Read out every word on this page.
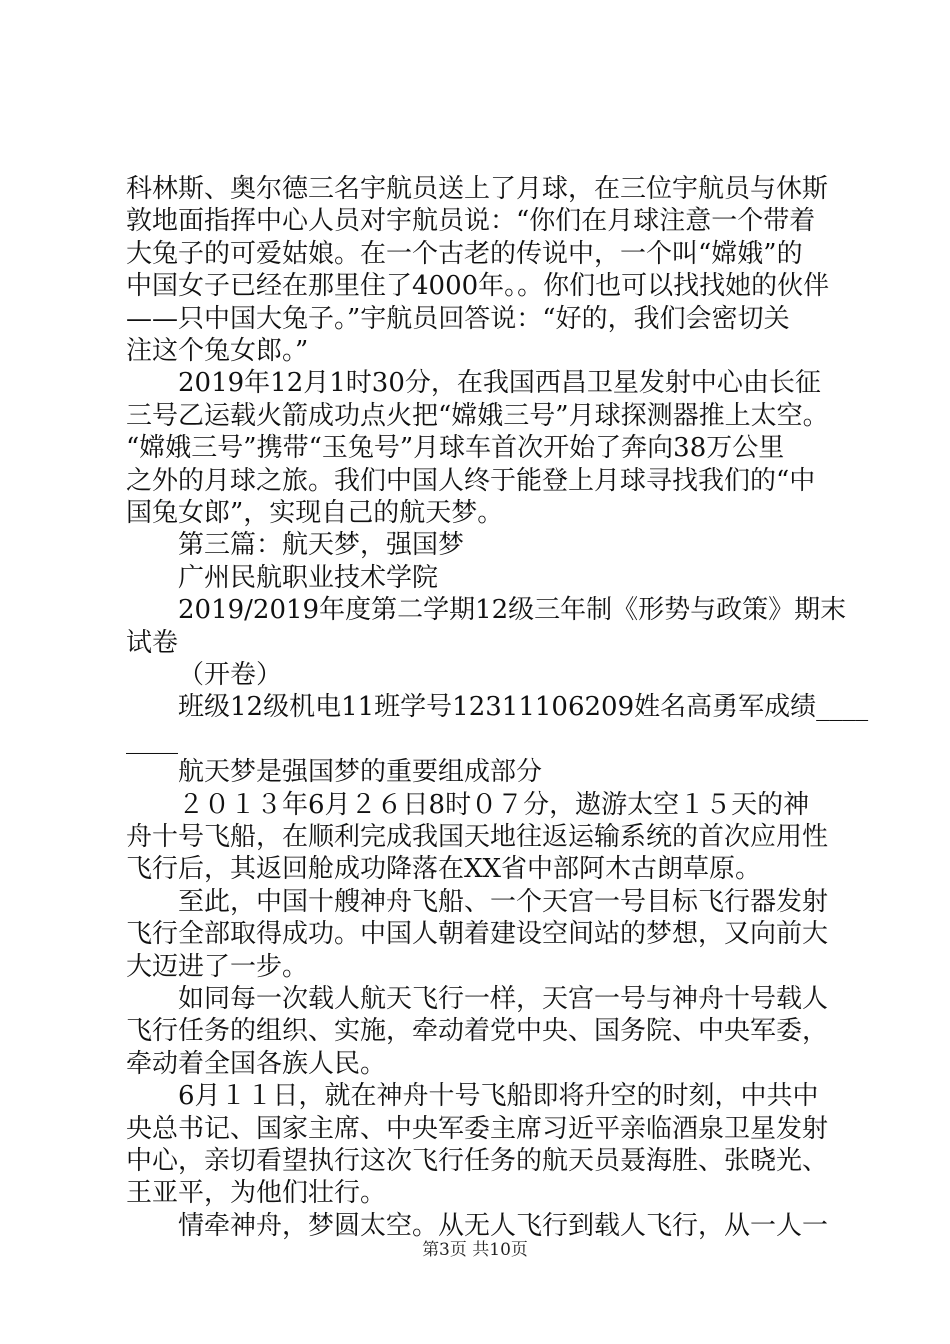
科林斯、奥尔德三名宇航员送上了月球，在三位宇航员与休斯
敦地面指挥中心人员对宇航员说：“你们在月球注意一个带着
大兔子的可爱姑娘。在一个古老的传说中，一个叫“嫦娥”的
中国女子已经在那里住了4000年。。你们也可以找找她的伙伴
——只中国大兔子。”宇航员回答说：“好的，我们会密切关
注这个兔女郎。”
2019年12月1时30分，在我国西昌卫星发射中心由长征
三号乙运载火箭成功点火把“嫦娥三号”月球探测器推上太空。
“嫦娥三号”携带“玉兔号”月球车首次开始了奔向38万公里
之外的月球之旅。我们中国人终于能登上月球寻找我们的“中
国兔女郎”，实现自己的航天梦。
第三篇：航天梦，强国梦
广州民航职业技术学院
2019/2019年度第二学期12级三年制《形势与政策》期末
试卷
（开卷）
班级12级机电11班学号12311106209姓名高勇军成绩____
____
航天梦是强国梦的重要组成部分
２０１３年6月２６日8时０７分，遨游太空１５天的神
舟十号飞船，在顺利完成我国天地往返运输系统的首次应用性
飞行后，其返回舱成功降落在XX省中部阿木古朗草原。
至此，中国十艘神舟飞船、一个天宫一号目标飞行器发射
飞行全部取得成功。中国人朝着建设空间站的梦想，又向前大
大迈进了一步。
如同每一次载人航天飞行一样，天宫一号与神舟十号载人
飞行任务的组织、实施，牵动着党中央、国务院、中央军委，
牵动着全国各族人民。
6月１１日，就在神舟十号飞船即将升空的时刻，中共中
央总书记、国家主席、中央军委主席习近平亲临酒泉卫星发射
中心，亲切看望执行这次飞行任务的航天员聂海胜、张晓光、
王亚平，为他们壮行。
情牵神舟，梦圆太空。从无人飞行到载人飞行，从一人一
第3页 共10页
